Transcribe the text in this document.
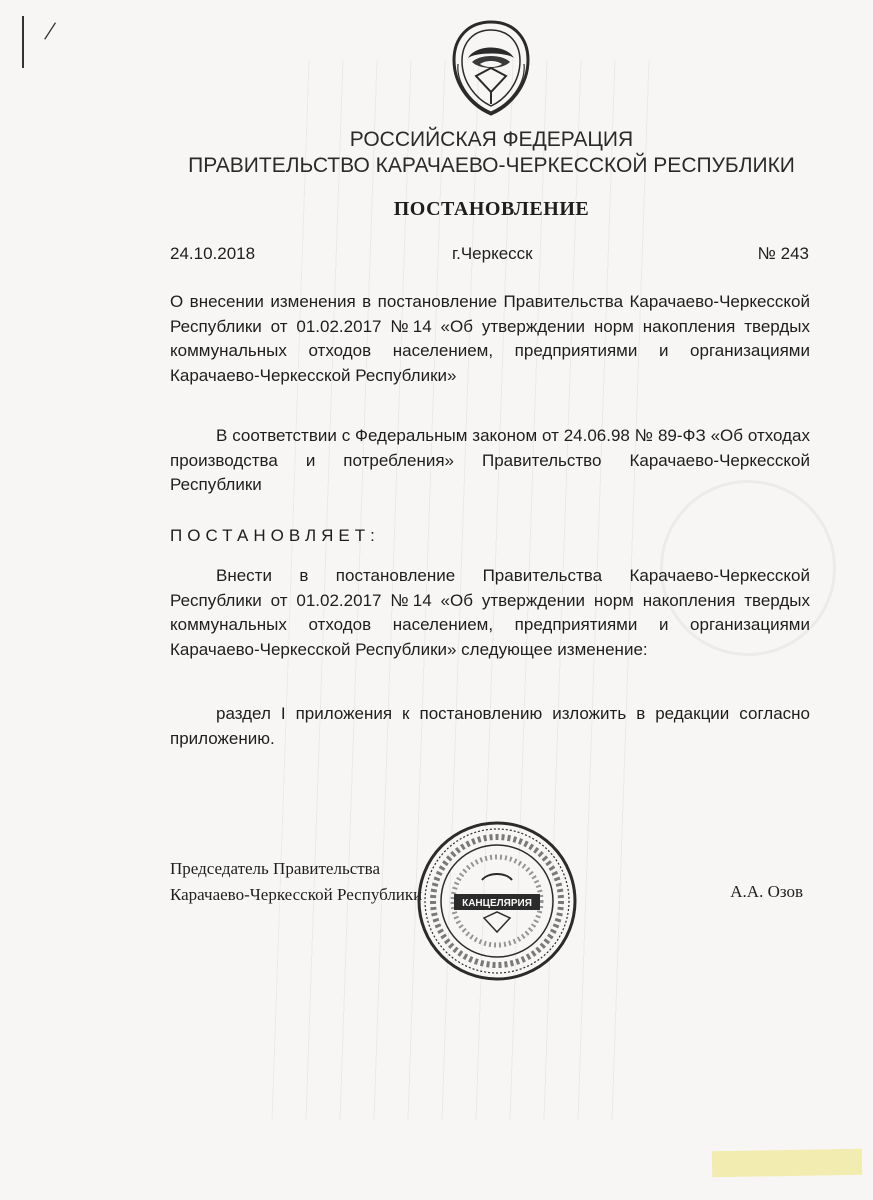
/
РОССИЙСКАЯ ФЕДЕРАЦИЯ
ПРАВИТЕЛЬСТВО КАРАЧАЕВО-ЧЕРКЕССКОЙ РЕСПУБЛИКИ
ПОСТАНОВЛЕНИЕ
24.10.2018	г.Черкесск	№ 243
О внесении изменения в постановление Правительства Карачаево-Черкесской Республики от 01.02.2017 №14 «Об утверждении норм накопления твердых коммунальных отходов населением, предприятиями и организациями Карачаево-Черкесской Республики»
В соответствии с Федеральным законом от 24.06.98 № 89-ФЗ «Об отходах производства и потребления» Правительство Карачаево-Черкесской Республики
ПОСТАНОВЛЯЕТ:
Внести в постановление Правительства Карачаево-Черкесской Республики от 01.02.2017 №14 «Об утверждении норм накопления твердых коммунальных отходов населением, предприятиями и организациями Карачаево-Черкесской Республики» следующее изменение:
раздел I приложения к постановлению изложить в редакции согласно приложению.
Председатель Правительства
Карачаево-Черкесской Республики	А.А. Озов
КАНЦЕЛЯРИЯ
